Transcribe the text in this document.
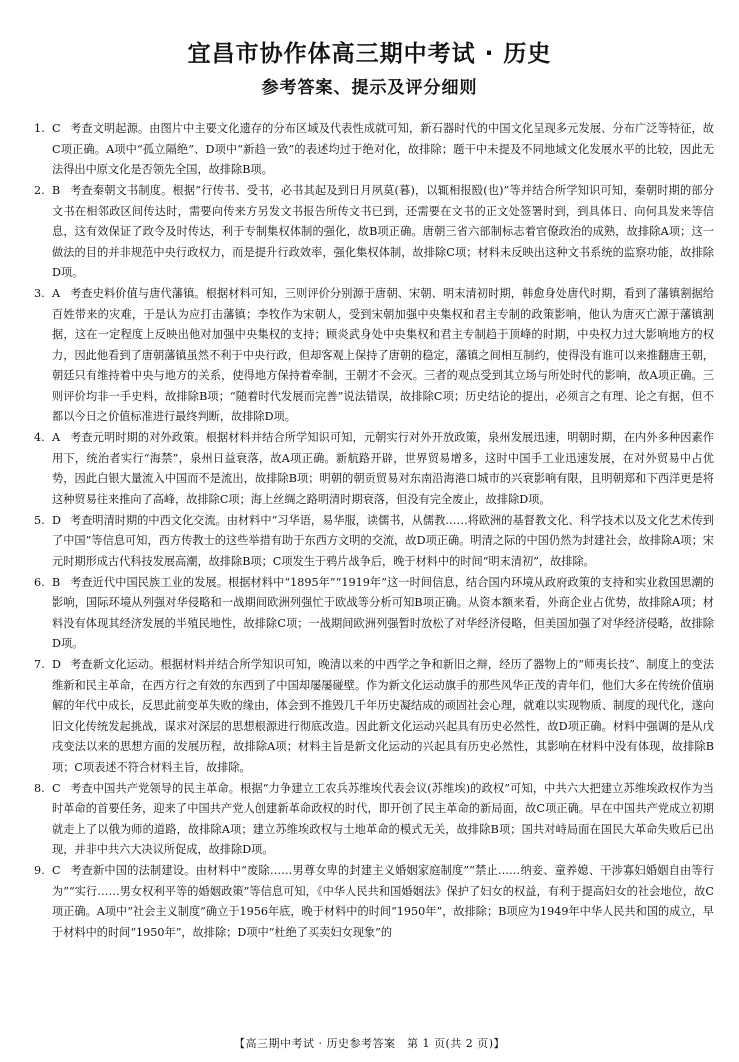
宜昌市协作体高三期中考试 · 历史
参考答案、提示及评分细则

1. C 考查文明起源。由图片中主要文化遗存的分布区域及代表性成就可知，新石器时代的中国文化呈现多元发展、分布广泛等特征，故C项正确。A项中“孤立隔绝”、D项中“新趋一致”的表述均过于绝对化，故排除；题干中未提及不同地域文化发展水平的比较，因此无法得出中原文化是否领先全国，故排除B项。

2. B 考查秦朝文书制度。根据“行传书、受书，必书其起及到日月夙莫(暮)，以辄相报殹(也)”等并结合所学知识可知，秦朝时期的部分文书在相邻政区间传达时，需要向传来方另发文书报告所传文书已到，还需要在文书的正文处签署时到，到具体日、向何具发来等信息，这有效保证了政令及时传达，利于专制集权体制的强化，故B项正确。唐朝三省六部制标志着官僚政治的成熟，故排除A项；这一做法的目的并非规范中央行政权力，而是提升行政效率，强化集权体制，故排除C项；材料未反映出这种文书系统的监察功能，故排除D项。

3. A 考查史料价值与唐代藩镇。根据材料可知，三则评价分别源于唐朝、宋朝、明末清初时期，韩愈身处唐代时期，看到了藩镇割据给百姓带来的灾难，于是认为应打击藩镇；李牧作为宋朝人，受到宋朝加强中央集权和君主专制的政策影响，他认为唐灭亡源于藩镇割据，这在一定程度上反映出他对加强中央集权的支持；顾炎武身处中央集权和君主专制趋于顶峰的时期，中央权力过大影响地方的权力，因此他看到了唐朝藩镇虽然不利于中央行政，但却客观上保持了唐朝的稳定，藩镇之间相互制约，使得没有谁可以来推翻唐王朝，朝廷只有维持着中央与地方的关系，使得地方保持着牵制，王朝才不会灭。三者的观点受到其立场与所处时代的影响，故A项正确。三则评价均非一手史料，故排除B项；“随着时代发展而完善”说法错误，故排除C项；历史结论的提出，必须言之有理、论之有据，但不都以今日之价值标准进行最终判断，故排除D项。

4. A 考查元明时期的对外政策。根据材料并结合所学知识可知，元朝实行对外开放政策，泉州发展迅速，明朝时期，在内外多种因素作用下，统治者实行“海禁”，泉州日益衰落，故A项正确。新航路开辟，世界贸易增多，这时中国手工业迅速发展，在对外贸易中占优势，因此白银大量流入中国而不是流出，故排除B项；明朝的朝贡贸易对东南沿海港口城市的兴衰影响有限，且明朝郑和下西洋更是将这种贸易往来推向了高峰，故排除C项；海上丝绸之路明清时期衰落，但没有完全废止，故排除D项。

5. D 考查明清时期的中西文化交流。由材料中“习华语，易华服，读儒书，从儒教……将欧洲的基督教文化、科学技术以及文化艺术传到了中国”等信息可知，西方传教士的这些举措有助于东西方文明的交流，故D项正确。明清之际的中国仍然为封建社会，故排除A项；宋元时期形成古代科技发展高潮，故排除B项；C项发生于鸦片战争后，晚于材料中的时间“明末清初”，故排除。

6. B 考查近代中国民族工业的发展。根据材料中“1895年”“1919年”这一时间信息，结合国内环境从政府政策的支持和实业救国思潮的影响，国际环境从列强对华侵略和一战期间欧洲列强忙于欧战等分析可知B项正确。从资本额来看，外商企业占优势，故排除A项；材料没有体现其经济发展的半殖民地性，故排除C项；一战期间欧洲列强暂时放松了对华经济侵略，但美国加强了对华经济侵略，故排除D项。

7. D 考查新文化运动。根据材料并结合所学知识可知，晚清以来的中西学之争和新旧之辩，经历了器物上的“师夷长技”、制度上的变法维新和民主革命，在西方行之有效的东西到了中国却屡屡碰壁。作为新文化运动旗手的那些风华正茂的青年们，他们大多在传统价值崩解的年代中成长，反思此前变革失败的缘由，体会到不推毁几千年历史凝结成的顽固社会心理，就难以实现物质、制度的现代化，遂向旧文化传统发起挑战，谋求对深层的思想根源进行彻底改造。因此新文化运动兴起具有历史必然性，故D项正确。材料中强调的是从戊戌变法以来的思想方面的发展历程，故排除A项；材料主旨是新文化运动的兴起具有历史必然性，其影响在材料中没有体现，故排除B项；C项表述不符合材料主旨，故排除。

8. C 考查中国共产党领导的民主革命。根据“力争建立工农兵苏维埃代表会议(苏维埃)的政权”可知，中共六大把建立苏维埃政权作为当时革命的首要任务，迎来了中国共产党人创建新革命政权的时代，即开创了民主革命的新局面，故C项正确。早在中国共产党成立初期就走上了以俄为师的道路，故排除A项；建立苏维埃政权与土地革命的模式无关，故排除B项；国共对峙局面在国民大革命失败后已出现，并非中共六大决议所促成，故排除D项。

9. C 考查新中国的法制建设。由材料中“废除……男尊女卑的封建主义婚姻家庭制度”“禁止……纳妾、童养媳、干涉寡妇婚姻自由等行为”“实行……男女权利平等的婚姻政策”等信息可知，《中华人民共和国婚姻法》保护了妇女的权益，有利于提高妇女的社会地位，故C项正确。A项中“社会主义制度”确立于1956年底，晚于材料中的时间“1950年”，故排除；B项应为1949年中华人民共和国的成立，早于材料中的时间“1950年”，故排除；D项中“杜绝了买卖妇女现象”的

【高三期中考试 · 历史参考答案　第 1 页(共 2 页)】
